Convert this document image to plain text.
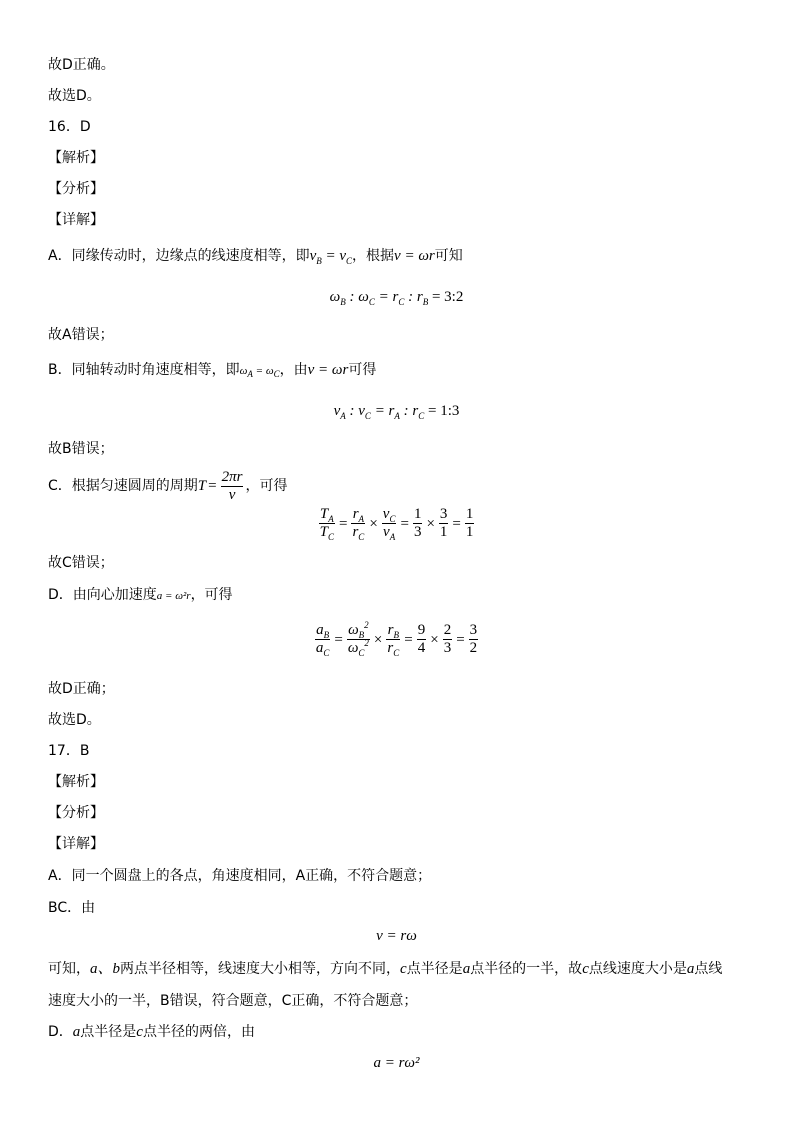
故D正确。
故选D。
16．D
【解析】
【分析】
【详解】
A．同缘传动时，边缘点的线速度相等，即$v_B = v_C$，根据v = ωr可知
$\omega_B$ : $\omega_C = r_C$ : $r_B$ = 3:2
故A错误；
B．同轴转动时角速度相等，即$\omega_A = \omega_C$，由v = ωr可得
$v_A$ : $v_C = r_A$ : $r_C$ = 1:3
故B错误；
C．根据匀速圆周的周期$T = \frac{2\pi r}{v}$ ，可得
$\frac{T_A}{T_C} = \frac{r_A}{r_C} \times \frac{v_C}{v_A} = \frac{1}{3} \times \frac{3}{1} = \frac{1}{1}$
故C错误；
D．由向心加速度a = ω²r，可得
$\frac{a_B}{a_C} = \frac{\omega_B^2}{\omega_C^2} \times \frac{r_B}{r_C} = \frac{9}{4} \times \frac{2}{3} = \frac{3}{2}$
故D正确；
故选D。
17．B
【解析】
【分析】
【详解】
A．同一个圆盘上的各点，角速度相同，A正确，不符合题意；
BC．由
v = rω
可知，a、b两点半径相等，线速度大小相等，方向不同，c点半径是a点半径的一半，故c点线速度大小是a点线
速度大小的一半，B错误，符合题意，C正确，不符合题意；
D．a点半径是c点半径的两倍，由
a = rω²
